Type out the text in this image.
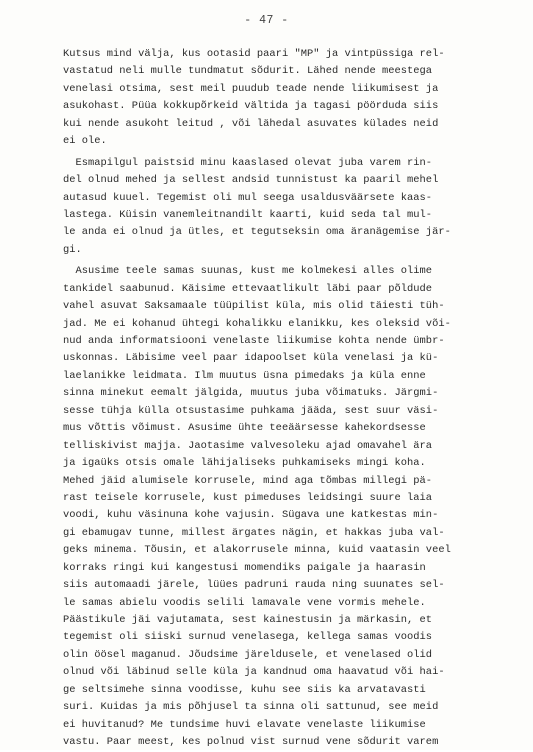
- 47 -
Kutsus mind välja, kus ootasid paari "MP" ja vintpüssiga rel-
vastatud neli mulle tundmatut sõdurit. Lähed nende meestega
venelasi otsima, sest meil puudub teade nende liikumisest ja
asukohast. Püüa kokkupõrkeid vältida ja tagasi pöörduda siis
kui nende asukoht leitud , või lähedal asuvates külades neid
ei ole.
Esmapilgul paistsid minu kaaslased olevat juba varem rin-
del olnud mehed ja sellest andsid tunnistust ka paaril mehel
autasud kuuel. Tegemist oli mul seega usaldusväärsete kaas-
lastega. Küisin vanemleitnandilt kaarti, kuid seda tal mul-
le anda ei olnud ja ütles, et tegutseksin oma äranägemise jär-
gi.
Asusime teele samas suunas, kust me kolmekesi alles olime
tankidel saabunud. Käisime ettevaatlikult läbi paar põldude
vahel asuvat Saksamaale tüüpilist küla, mis olid täiesti tüh-
jad. Me ei kohanud ühtegi kohalikku elanikku, kes oleksid või-
nud anda informatsiooni venelaste liikumise kohta nende ümbr-
uskonnas. Läbisime veel paar idapoolset küla venelasi ja kü-
laelanikke leidmata. Ilm muutus üsna pimedaks ja küla enne
sinna minekut eemalt jälgida, muutus juba võimatuks. Järgmi-
sesse tühja külla otsustasime puhkama jääda, sest suur väsi-
mus võttis võimust. Asusime ühte teeäärsesse kahekordsesse
telliskivist majja. Jaotasime valvesoleku ajad omavahel ära
ja igaüks otsis omale lähijaliseks puhkamiseks mingi koha.
Mehed jäid alumisele korrusele, mind aga tõmbas millegi pä-
rast teisele korrusele, kust pimeduses leidsingi suure laia
voodi, kuhu väsinuna kohe vajusin. Sügava une katkestas min-
gi ebamugav tunne, millest ärgates nägin, et hakkas juba val-
geks minema. Tõusin, et alakorrusele minna, kuid vaatasin veel
korraks ringi kui kangestusi momendiks paigale ja haarasin
siis automaadi järele, lüües padruni rauda ning suunates sel-
le samas abielu voodis selili lamavale vene vormis mehele.
Päästikule jäi vajutamata, sest kainestusin ja märkasin, et
tegemist oli siiski surnud venelasega, kellega samas voodis
olin öösel maganud. Jõudsime järeldusele, et venelased olid
olnud või läbinud selle küla ja kandnud oma haavatud või hai-
ge seltsimehe sinna voodisse, kuhu see siis ka arvatavasti
suri. Kuidas ja mis põhjusel ta sinna oli sattunud, see meid
ei huvitanud? Me tundsime huvi elavate venelaste liikumise
vastu. Paar meest, kes polnud vist surnud vene sõdurit varem
